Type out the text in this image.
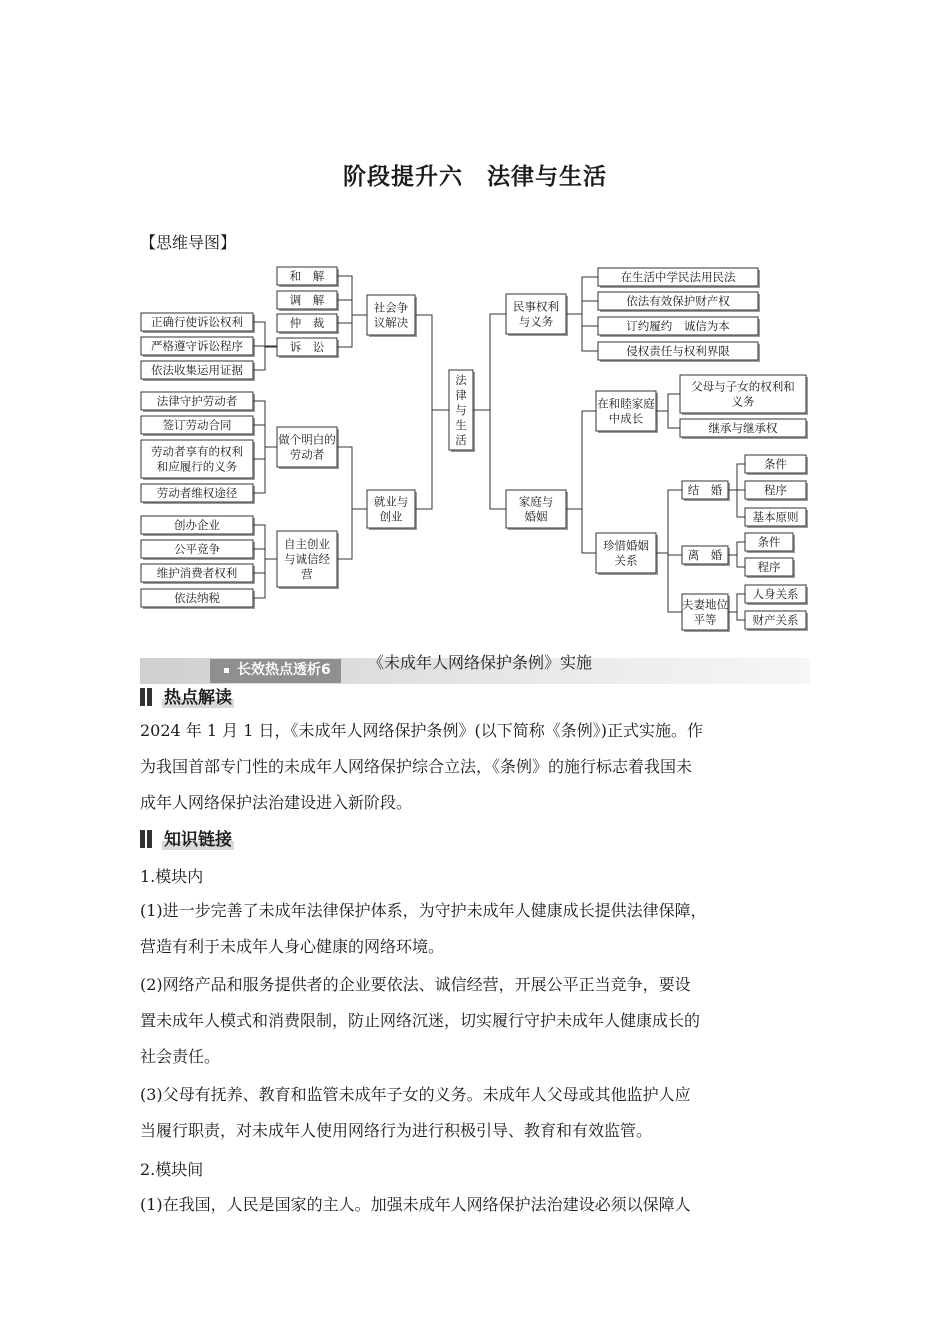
阶段提升六　法律与生活
【思维导图】
法
律
与
生
活
社会争
议解决
和　解
调　解
仲　裁
诉　讼
正确行使诉讼权利
严格遵守诉讼程序
依法收集运用证据
就业与
创业
做个明白的
劳动者
自主创业
与诚信经
营
法律守护劳动者
签订劳动合同
劳动者享有的权利
和应履行的义务
劳动者维权途径
创办企业
公平竞争
维护消费者权利
依法纳税
民事权利
与义务
在生活中学民法用民法
依法有效保护财产权
订约履约　诚信为本
侵权责任与权利界限
家庭与
婚姻
在和睦家庭
中成长
珍惜婚姻
关系
父母与子女的权利和
义务
继承与继承权
结　婚
离　婚
夫妻地位
平等
条件
程序
基本原则
条件
程序
人身关系
财产关系
长效热点透析6	《未成年人网络保护条例》实施
热点解读
2024 年 1 月 1 日，《未成年人网络保护条例》(以下简称《条例》)正式实施。作
为我国首部专门性的未成年人网络保护综合立法，《条例》的施行标志着我国未
成年人网络保护法治建设进入新阶段。
知识链接
1.模块内
(1)进一步完善了未成年法律保护体系，为守护未成年人健康成长提供法律保障，
营造有利于未成年人身心健康的网络环境。
(2)网络产品和服务提供者的企业要依法、诚信经营，开展公平正当竞争，要设
置未成年人模式和消费限制，防止网络沉迷，切实履行守护未成年人健康成长的
社会责任。
(3)父母有抚养、教育和监管未成年子女的义务。未成年人父母或其他监护人应
当履行职责，对未成年人使用网络行为进行积极引导、教育和有效监管。
2.模块间
(1)在我国，人民是国家的主人。加强未成年人网络保护法治建设必须以保障人
